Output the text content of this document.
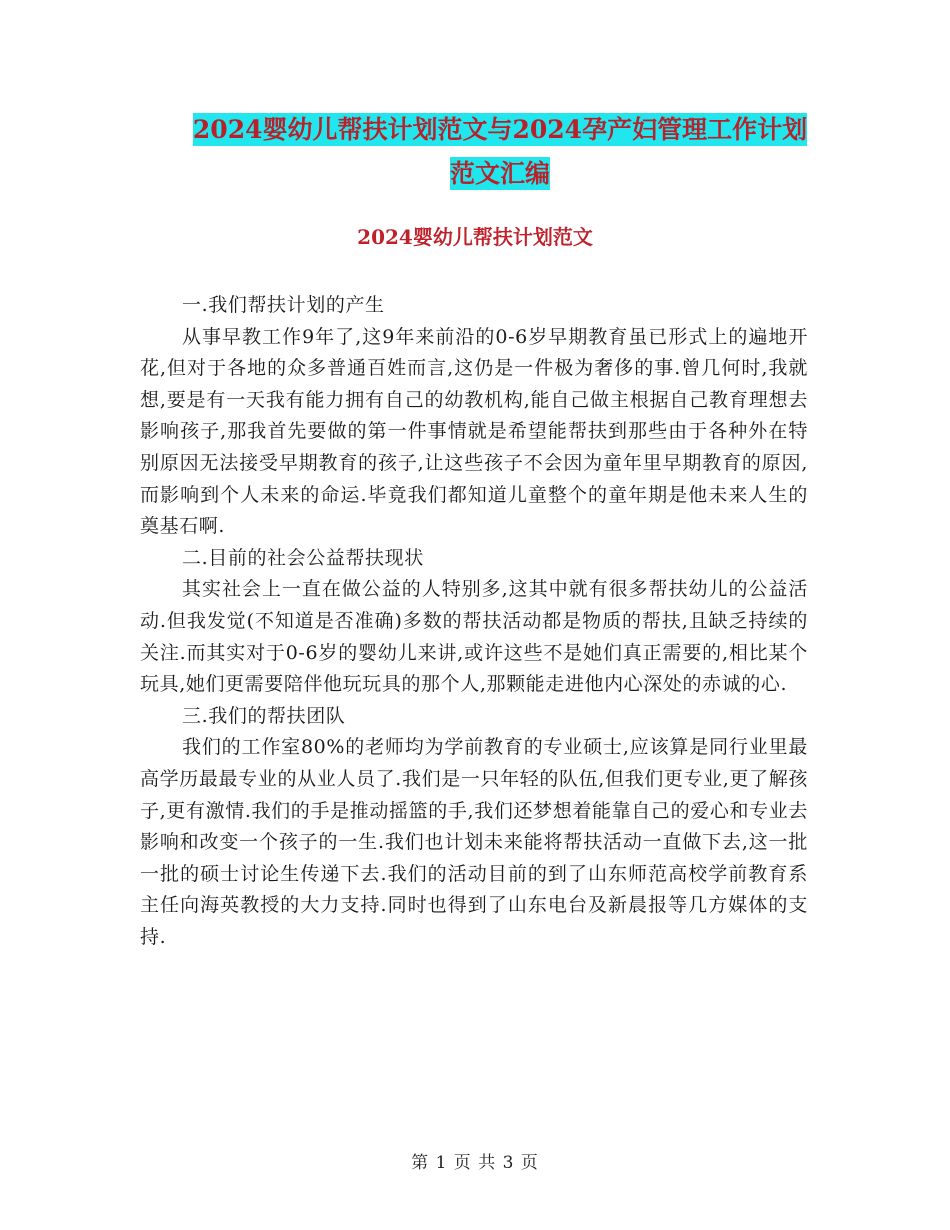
2024婴幼儿帮扶计划范文与2024孕产妇管理工作计划
范文汇编
2024婴幼儿帮扶计划范文

一.我们帮扶计划的产生

从事早教工作9年了,这9年来前沿的0-6岁早期教育虽已形式上的遍地开花,但对于各地的众多普通百姓而言,这仍是一件极为奢侈的事.曾几何时,我就想,要是有一天我有能力拥有自己的幼教机构,能自己做主根据自己教育理想去影响孩子,那我首先要做的第一件事情就是希望能帮扶到那些由于各种外在特别原因无法接受早期教育的孩子,让这些孩子不会因为童年里早期教育的原因,而影响到个人未来的命运.毕竟我们都知道儿童整个的童年期是他未来人生的奠基石啊.

二.目前的社会公益帮扶现状

其实社会上一直在做公益的人特别多,这其中就有很多帮扶幼儿的公益活动.但我发觉(不知道是否准确)多数的帮扶活动都是物质的帮扶,且缺乏持续的关注.而其实对于0-6岁的婴幼儿来讲,或许这些不是她们真正需要的,相比某个玩具,她们更需要陪伴他玩玩具的那个人,那颗能走进他内心深处的赤诚的心.

三.我们的帮扶团队

我们的工作室80%的老师均为学前教育的专业硕士,应该算是同行业里最高学历最最专业的从业人员了.我们是一只年轻的队伍,但我们更专业,更了解孩子,更有激情.我们的手是推动摇篮的手,我们还梦想着能靠自己的爱心和专业去影响和改变一个孩子的一生.我们也计划未来能将帮扶活动一直做下去,这一批一批的硕士讨论生传递下去.我们的活动目前的到了山东师范高校学前教育系主任向海英教授的大力支持.同时也得到了山东电台及新晨报等几方媒体的支持.

第 1 页 共 3 页
